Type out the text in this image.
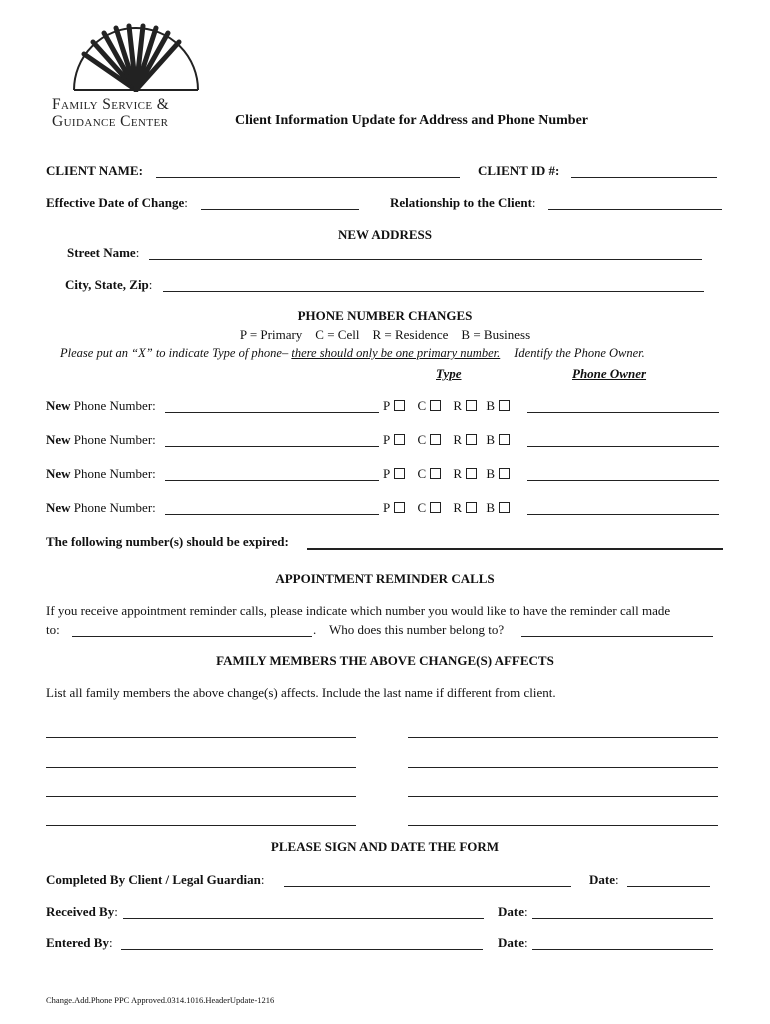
Family Service &
Guidance Center	Client Information Update for Address and Phone Number
CLIENT NAME:	CLIENT ID #:
Effective Date of Change:	Relationship to the Client:
NEW ADDRESS
Street Name:
City, State, Zip:
PHONE NUMBER CHANGES
P = Primary    C = Cell    R = Residence    B = Business
Please put an “X” to indicate Type of phone– there should only be one primary number. Identify the Phone Owner.
Type	Phone Owner
New Phone Number:	P C R B
New Phone Number:	P C R B
New Phone Number:	P C R B
New Phone Number:	P C R B
The following number(s) should be expired:
APPOINTMENT REMINDER CALLS
If you receive appointment reminder calls, please indicate which number you would like to have the reminder call made
to:	. Who does this number belong to?
FAMILY MEMBERS THE ABOVE CHANGE(S) AFFECTS
List all family members the above change(s) affects. Include the last name if different from client.
PLEASE SIGN AND DATE THE FORM
Completed By Client / Legal Guardian:	Date:
Received By:	Date:
Entered By:	Date:
Change.Add.Phone PPC Approved.0314.1016.HeaderUpdate-1216
